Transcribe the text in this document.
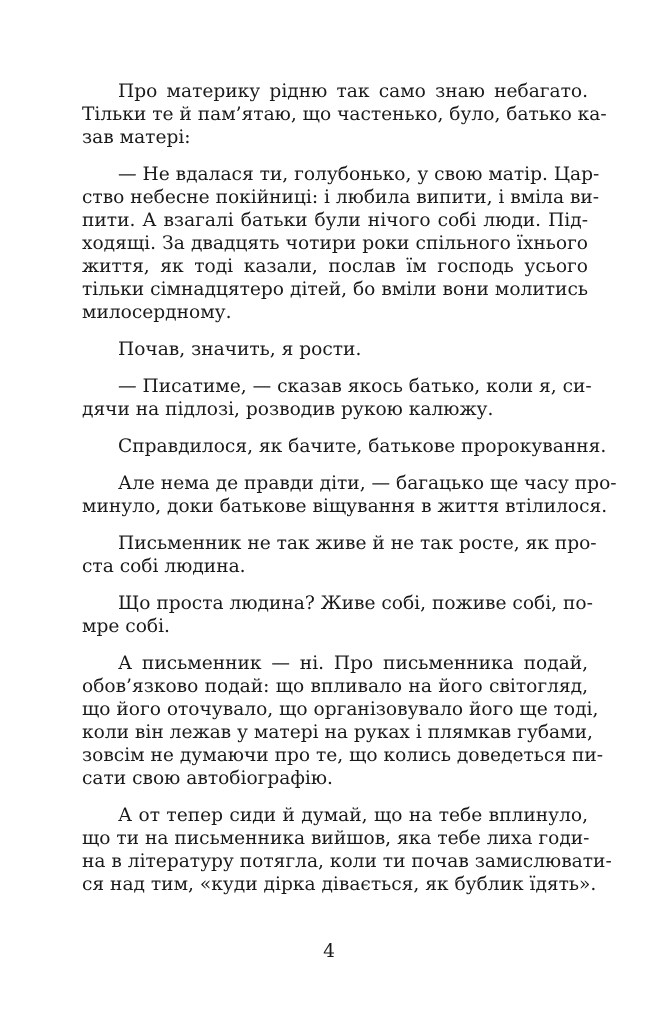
Про материку рідню так само знаю небагато.
Тільки те й пам’ятаю, що частенько, було, батько ка-
зав матері:
— Не вдалася ти, голубонько, у свою матір. Цар-
ство небесне покійниці: і любила випити, і вміла ви-
пити. А взагалі батьки були нічого собі люди. Під-
ходящі. За двадцять чотири роки спільного їхнього
життя, як тоді казали, послав їм господь усього
тільки сімнадцятеро дітей, бо вміли вони молитись
милосердному.
Почав, значить, я рости.
— Писатиме, — сказав якось батько, коли я, си-
дячи на підлозі, розводив рукою калюжу.
Справдилося, як бачите, батькове пророкування.
Але нема де правди діти, — багацько ще часу про-
минуло, доки батькове віщування в життя втілилося.
Письменник не так живе й не так росте, як про-
ста собі людина.
Що проста людина? Живе собі, поживе собі, по-
мре собі.
А письменник — ні. Про письменника подай,
обов’язково подай: що впливало на його світогляд,
що його оточувало, що організовувало його ще тоді,
коли він лежав у матері на руках і плямкав губами,
зовсім не думаючи про те, що колись доведеться пи-
сати свою автобіографію.
А от тепер сиди й думай, що на тебе вплинуло,
що ти на письменника вийшов, яка тебе лиха годи-
на в літературу потягла, коли ти почав замислювати-
ся над тим, «куди дірка дівається, як бублик їдять».
4
